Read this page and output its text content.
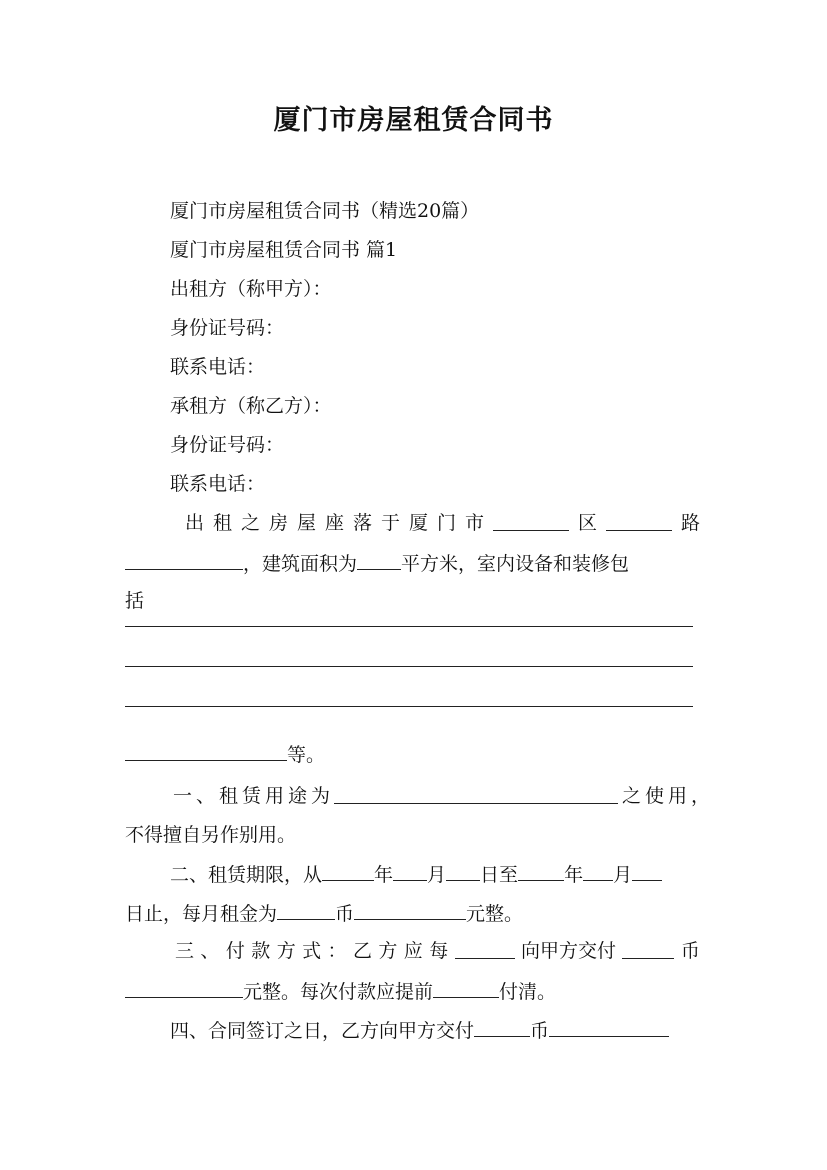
厦门市房屋租赁合同书
厦门市房屋租赁合同书（精选20篇）
厦门市房屋租赁合同书 篇1
出租方（称甲方）：
身份证号码：
联系电话：
承租方（称乙方）：
身份证号码：
联系电话：
出 租 之 房 屋 座 落 于 厦 门 市	区	路
，建筑面积为 平方米，室内设备和装修包
括
等。
一 、 租 赁 用 途 为	之 使 用 ，
不得擅自另作别用。
二、租赁期限，从	年 月 日至 年 月
日止，每月租金为	币	元整。
三 、 付 款 方 式 ： 乙 方 应 每	向甲方交付	币
元整。每次付款应提前	付清。
四、合同签订之日，乙方向甲方交付	币
